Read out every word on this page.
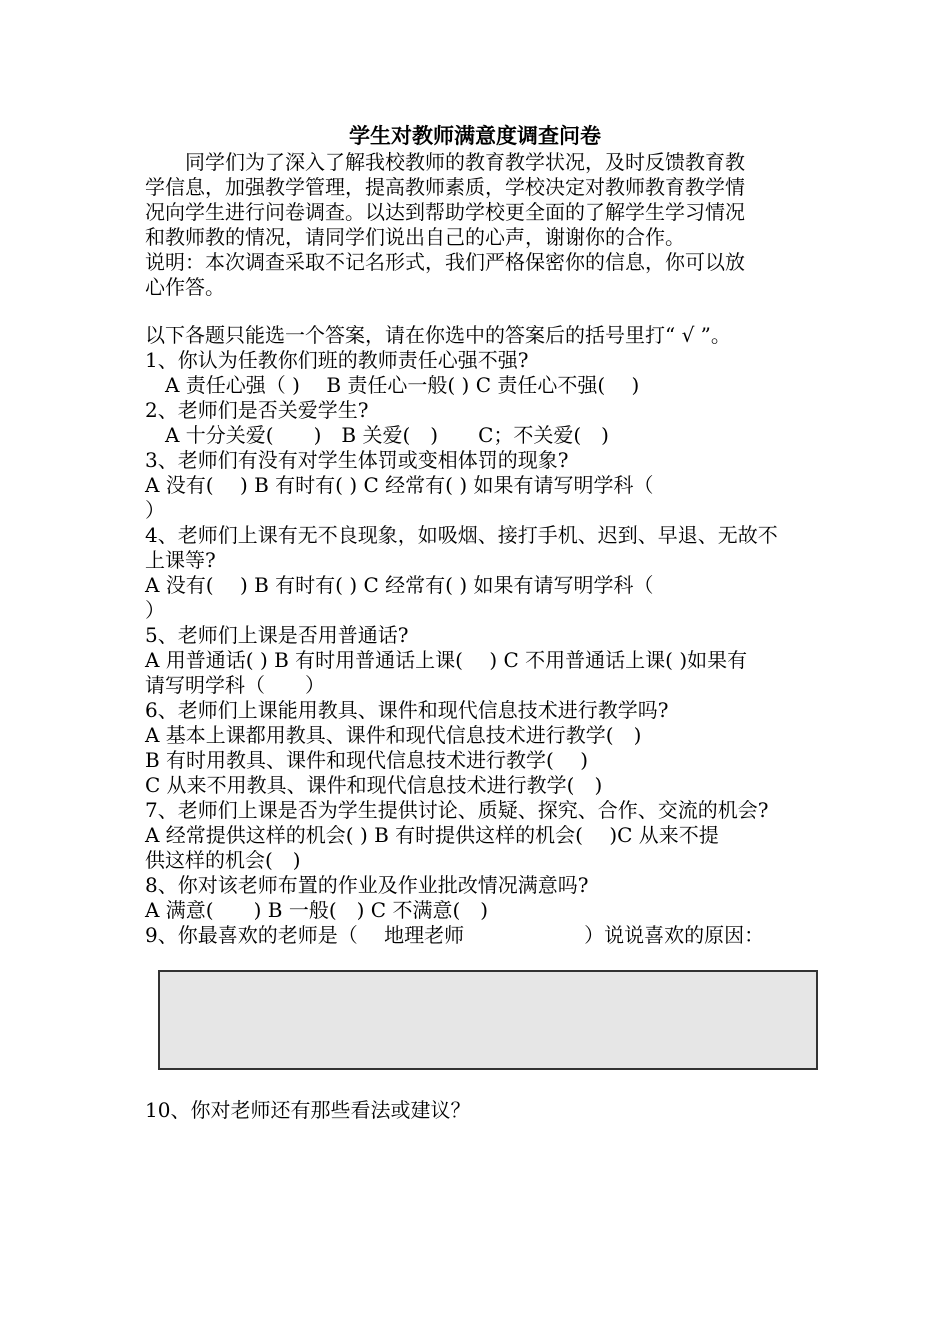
学生对教师满意度调查问卷
　　同学们为了深入了解我校教师的教育教学状况，及时反馈教育教
学信息，加强教学管理，提高教师素质，学校决定对教师教育教学情
况向学生进行问卷调查。以达到帮助学校更全面的了解学生学习情况
和教师教的情况，请同学们说出自己的心声，谢谢你的合作。
说明：本次调查采取不记名形式，我们严格保密你的信息，你可以放
心作答。
以下各题只能选一个答案，请在你选中的答案后的括号里打“ √ ”。
1、你认为任教你们班的教师责任心强不强?
　A 责任心强（ )　 B 责任心一般( ) C 责任心不强( 　)
2、老师们是否关爱学生?
　A 十分关爱(　　)　B 关爱(　)　　C；不关爱(　)
3、老师们有没有对学生体罚或变相体罚的现象?
A 没有(　 ) B 有时有( ) C 经常有( ) 如果有请写明学科（
）
4、老师们上课有无不良现象，如吸烟、接打手机、迟到、早退、无故不
上课等?
A 没有(　 ) B 有时有( ) C 经常有( ) 如果有请写明学科（
）
5、老师们上课是否用普通话?
A 用普通话( ) B 有时用普通话上课(　 ) C 不用普通话上课( )如果有
请写明学科（　　）
6、老师们上课能用教具、课件和现代信息技术进行教学吗?
A 基本上课都用教具、课件和现代信息技术进行教学(　)
B 有时用教具、课件和现代信息技术进行教学(　 )
C 从来不用教具、课件和现代信息技术进行教学(　)
7、老师们上课是否为学生提供讨论、质疑、探究、合作、交流的机会?
A 经常提供这样的机会( ) B 有时提供这样的机会(　 )C 从来不提
供这样的机会(　)
8、你对该老师布置的作业及作业批改情况满意吗?
A 满意(　　) B 一般(　) C 不满意(　)
9、你最喜欢的老师是（　 地理老师　　　　　　）说说喜欢的原因：
10、你对老师还有那些看法或建议？
